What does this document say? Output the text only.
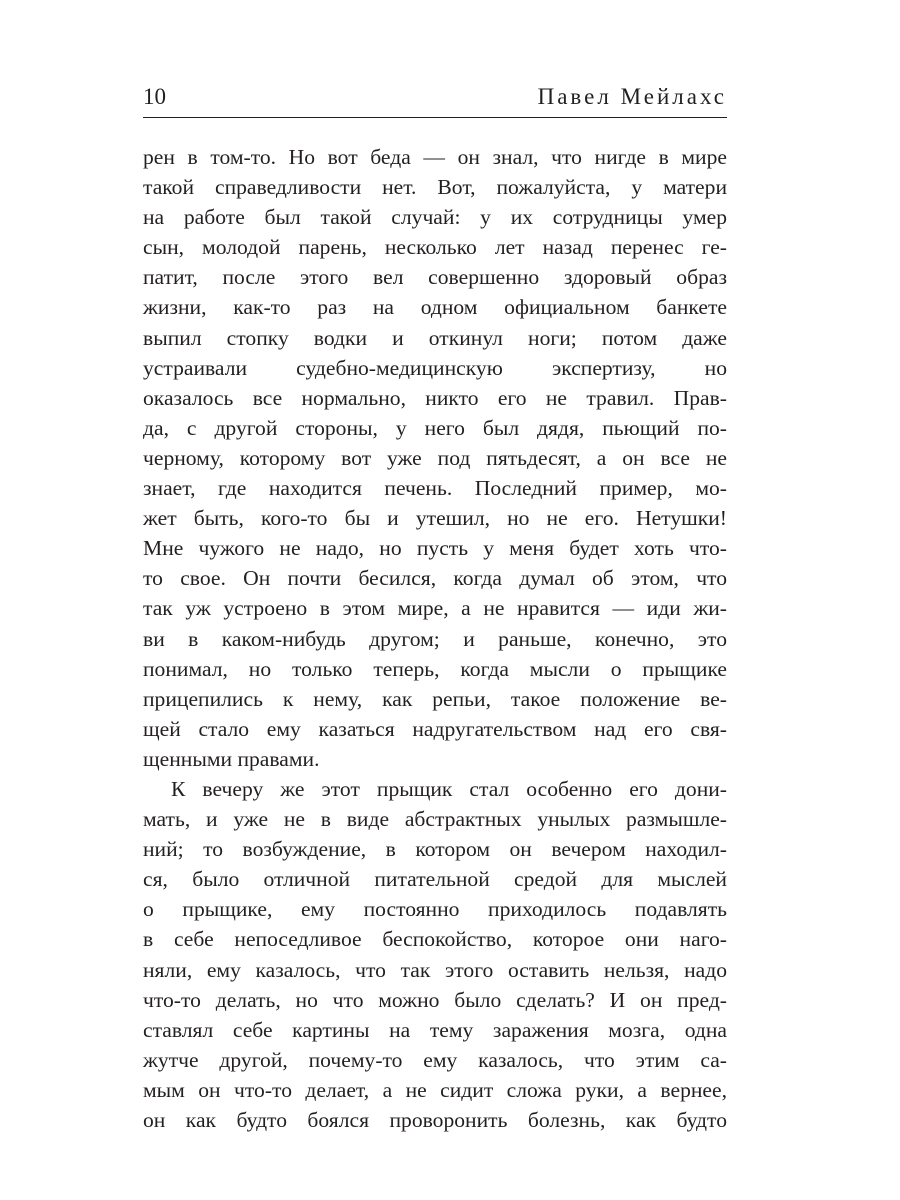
10	Павел Мейлахс
рен в том-то. Но вот беда — он знал, что нигде в мире
такой справедливости нет. Вот, пожалуйста, у матери
на работе был такой случай: у их сотрудницы умер
сын, молодой парень, несколько лет назад перенес ге-
патит, после этого вел совершенно здоровый образ
жизни, как-то раз на одном официальном банкете
выпил стопку водки и откинул ноги; потом даже
устраивали судебно-медицинскую экспертизу, но
оказалось все нормально, никто его не травил. Прав-
да, с другой стороны, у него был дядя, пьющий по-
черному, которому вот уже под пятьдесят, а он все не
знает, где находится печень. Последний пример, мо-
жет быть, кого-то бы и утешил, но не его. Нетушки!
Мне чужого не надо, но пусть у меня будет хоть что-
то свое. Он почти бесился, когда думал об этом, что
так уж устроено в этом мире, а не нравится — иди жи-
ви в каком-нибудь другом; и раньше, конечно, это
понимал, но только теперь, когда мысли о прыщике
прицепились к нему, как репьи, такое положение ве-
щей стало ему казаться надругательством над его свя-
щенными правами.
К вечеру же этот прыщик стал особенно его дони-
мать, и уже не в виде абстрактных унылых размышле-
ний; то возбуждение, в котором он вечером находил-
ся, было отличной питательной средой для мыслей
о прыщике, ему постоянно приходилось подавлять
в себе непоседливое беспокойство, которое они наго-
няли, ему казалось, что так этого оставить нельзя, надо
что-то делать, но что можно было сделать? И он пред-
ставлял себе картины на тему заражения мозга, одна
жутче другой, почему-то ему казалось, что этим са-
мым он что-то делает, а не сидит сложа руки, а вернее,
он как будто боялся проворонить болезнь, как будто
